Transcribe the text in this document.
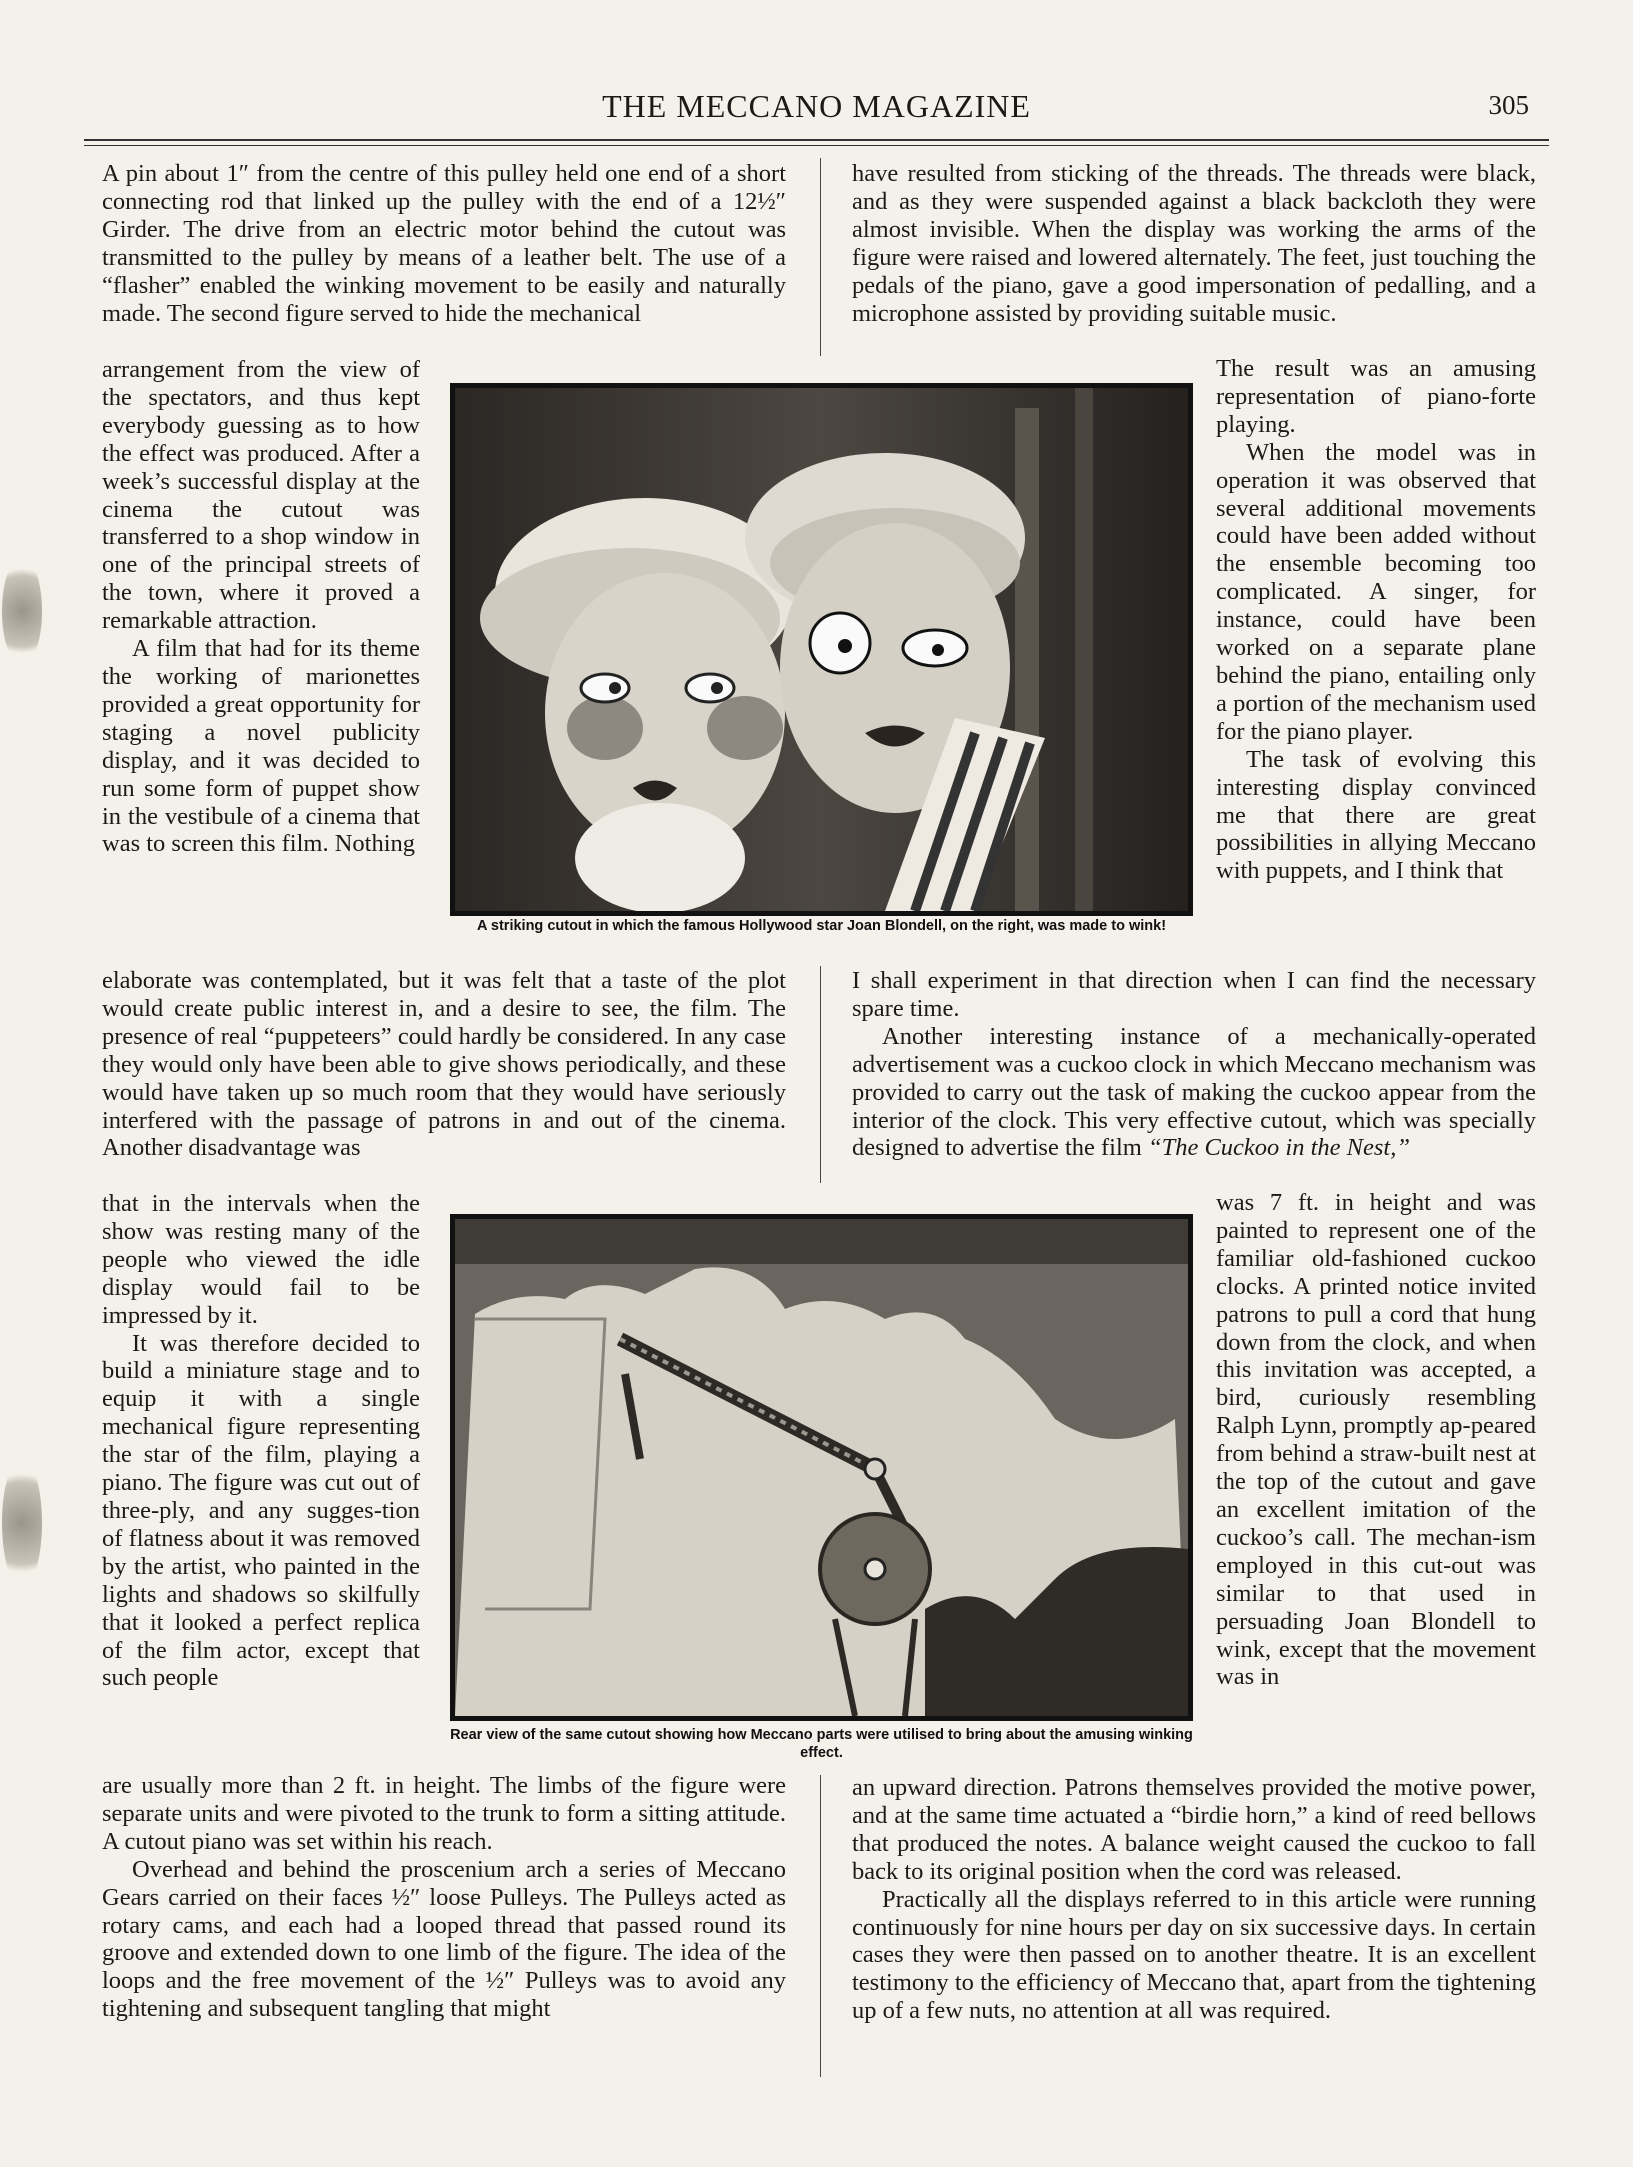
THE MECCANO MAGAZINE	305

A pin about 1″ from the centre of this pulley held one end of a short connecting rod that linked up the pulley with the end of a 12½″ Girder. The drive from an electric motor behind the cutout was transmitted to the pulley by means of a leather belt. The use of a “flasher” enabled the winking movement to be easily and naturally made. The second figure served to hide the mechanical

arrangement from the view of the spectators, and thus kept everybody guessing as to how the effect was produced. After a week’s successful display at the cinema the cutout was transferred to a shop window in one of the principal streets of the town, where it proved a remarkable attraction.

A film that had for its theme the working of marionettes provided a great opportunity for staging a novel publicity display, and it was decided to run some form of puppet show in the vestibule of a cinema that was to screen this film. Nothing

elaborate was contemplated, but it was felt that a taste of the plot would create public interest in, and a desire to see, the film. The presence of real “puppeteers” could hardly be considered. In any case they would only have been able to give shows periodically, and these would have taken up so much room that they would have seriously interfered with the passage of patrons in and out of the cinema. Another disadvantage was

that in the intervals when the show was resting many of the people who viewed the idle display would fail to be impressed by it.

It was therefore decided to build a miniature stage and to equip it with a single mechanical figure representing the star of the film, playing a piano. The figure was cut out of three-ply, and any sugges-tion of flatness about it was removed by the artist, who painted in the lights and shadows so skilfully that it looked a perfect replica of the film actor, except that such people

are usually more than 2 ft. in height. The limbs of the figure were separate units and were pivoted to the trunk to form a sitting attitude. A cutout piano was set within his reach.

Overhead and behind the proscenium arch a series of Meccano Gears carried on their faces ½″ loose Pulleys. The Pulleys acted as rotary cams, and each had a looped thread that passed round its groove and extended down to one limb of the figure. The idea of the loops and the free movement of the ½″ Pulleys was to avoid any tightening and subsequent tangling that might

have resulted from sticking of the threads. The threads were black, and as they were suspended against a black backcloth they were almost invisible. When the display was working the arms of the figure were raised and lowered alternately. The feet, just touching the pedals of the piano, gave a good impersonation of pedalling, and a microphone assisted by providing suitable music.

The result was an amusing representation of piano-forte playing.

When the model was in operation it was observed that several additional movements could have been added without the ensemble becoming too complicated. A singer, for instance, could have been worked on a separate plane behind the piano, entailing only a portion of the mechanism used for the piano player.

The task of evolving this interesting display convinced me that there are great possibilities in allying Meccano with puppets, and I think that

I shall experiment in that direction when I can find the necessary spare time.

Another interesting instance of a mechanically-operated advertisement was a cuckoo clock in which Meccano mechanism was provided to carry out the task of making the cuckoo appear from the interior of the clock. This very effective cutout, which was specially designed to advertise the film “The Cuckoo in the Nest,”

was 7 ft. in height and was painted to represent one of the familiar old-fashioned cuckoo clocks. A printed notice invited patrons to pull a cord that hung down from the clock, and when this invitation was accepted, a bird, curiously resembling Ralph Lynn, promptly ap-peared from behind a straw-built nest at the top of the cutout and gave an excellent imitation of the cuckoo’s call. The mechan-ism employed in this cut-out was similar to that used in persuading Joan Blondell to wink, except that the movement was in

an upward direction. Patrons themselves provided the motive power, and at the same time actuated a “birdie horn,” a kind of reed bellows that produced the notes. A balance weight caused the cuckoo to fall back to its original position when the cord was released.

Practically all the displays referred to in this article were running continuously for nine hours per day on six successive days. In certain cases they were then passed on to another theatre. It is an excellent testimony to the efficiency of Meccano that, apart from the tightening up of a few nuts, no attention at all was required.

A striking cutout in which the famous Hollywood star Joan Blondell, on the right, was made to wink!
Rear view of the same cutout showing how Meccano parts were utilised to bring about the amusing winking effect.
